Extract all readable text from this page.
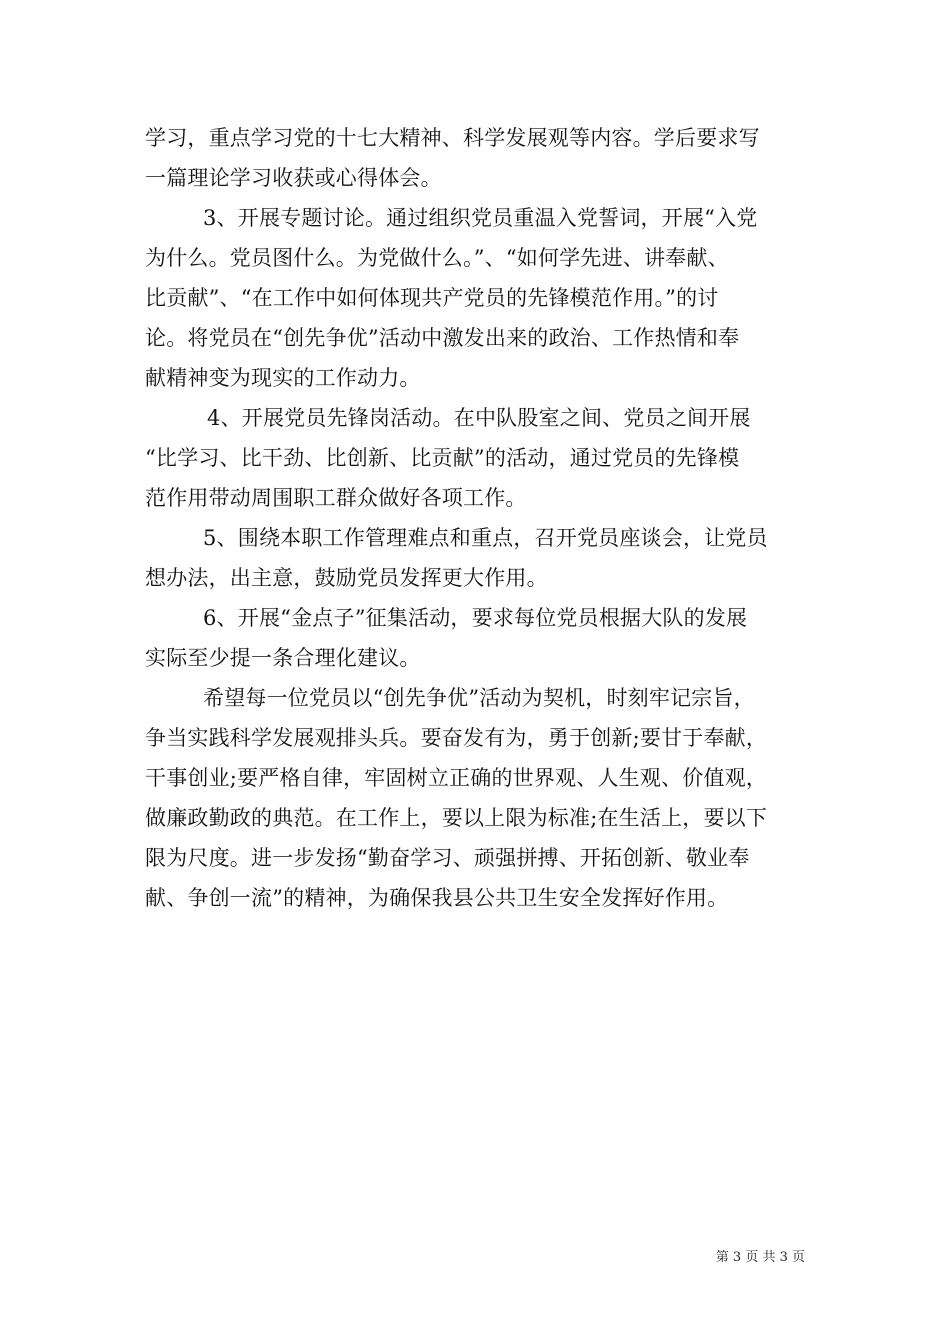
学习，重点学习党的十七大精神、科学发展观等内容。学后要求写
一篇理论学习收获或心得体会。
3、开展专题讨论。通过组织党员重温入党誓词，开展“入党
为什么。党员图什么。为党做什么。”、“如何学先进、讲奉献、
比贡献”、“在工作中如何体现共产党员的先锋模范作用。”的讨
论。将党员在“创先争优”活动中激发出来的政治、工作热情和奉
献精神变为现实的工作动力。
4、开展党员先锋岗活动。在中队股室之间、党员之间开展
“比学习、比干劲、比创新、比贡献”的活动，通过党员的先锋模
范作用带动周围职工群众做好各项工作。
5、围绕本职工作管理难点和重点，召开党员座谈会，让党员
想办法，出主意，鼓励党员发挥更大作用。
6、开展“金点子”征集活动，要求每位党员根据大队的发展
实际至少提一条合理化建议。
希望每一位党员以“创先争优”活动为契机，时刻牢记宗旨，
争当实践科学发展观排头兵。要奋发有为，勇于创新;要甘于奉献，
干事创业;要严格自律，牢固树立正确的世界观、人生观、价值观，
做廉政勤政的典范。在工作上，要以上限为标准;在生活上，要以下
限为尺度。进一步发扬“勤奋学习、顽强拼搏、开拓创新、敬业奉
献、争创一流”的精神，为确保我县公共卫生安全发挥好作用。
第 3 页 共 3 页
